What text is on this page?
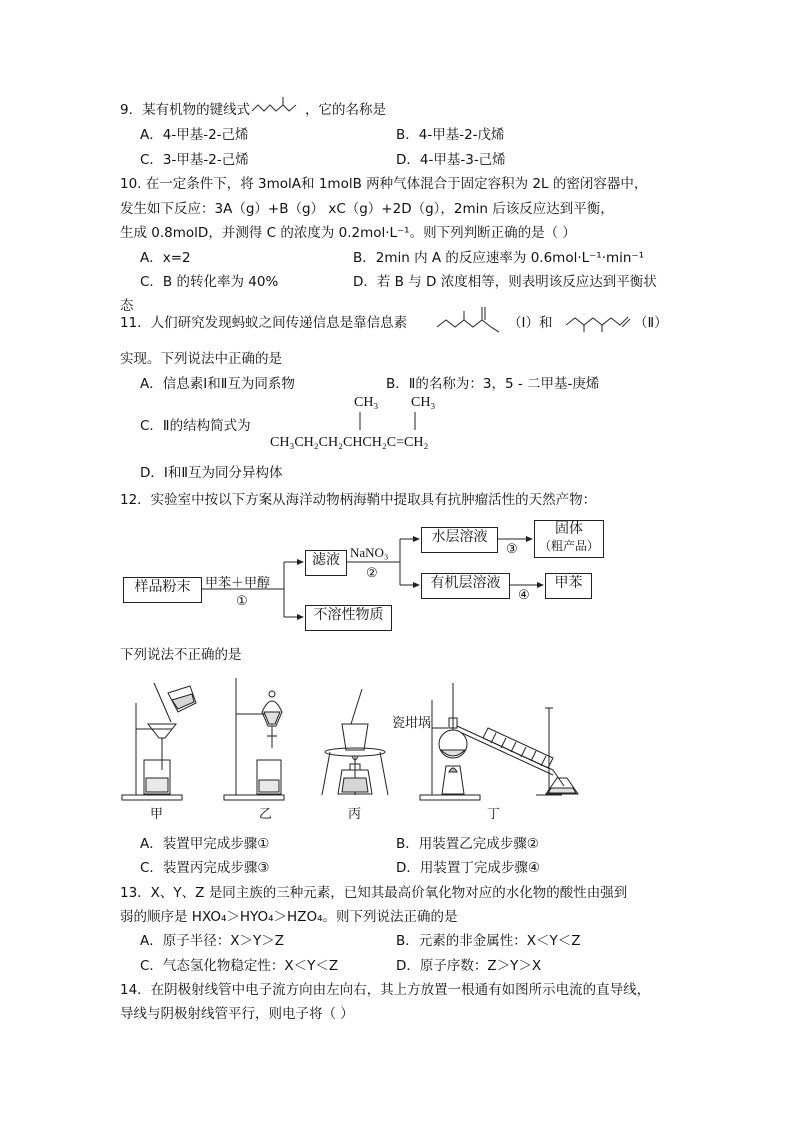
9．某有机物的键线式	，它的名称是
A．4-甲基-2-己烯	B．4-甲基-2-戊烯
C．3-甲基-2-己烯	D．4-甲基-3-己烯
10. 在一定条件下，将 3molA和 1molB 两种气体混合于固定容积为 2L 的密闭容器中，
发生如下反应：3A（g）+B（g） xC（g）+2D（g），2min 后该反应达到平衡，
生成 0.8molD，并测得 C 的浓度为 0.2mol·L⁻¹。则下列判断正确的是（ ）
A．x=2	B．2min 内 A 的反应速率为 0.6mol·L⁻¹·min⁻¹
C．B 的转化率为 40%	D．若 B 与 D 浓度相等，则表明该反应达到平衡状
态
11．人们研究发现蚂蚁之间传递信息是靠信息素	（Ⅰ）和	（Ⅱ）
实现。下列说法中正确的是
A．信息素Ⅰ和Ⅱ互为同系物	B．Ⅱ的名称为：3，5 - 二甲基-庚烯
C．Ⅱ的结构简式为
CH₃ CH₃
CH₃CH₂CH₂CHCH₂C=CH₂
D．Ⅰ和Ⅱ互为同分异构体
12．实验室中按以下方案从海洋动物柄海鞘中提取具有抗肿瘤活性的天然产物：
样品粉末	甲苯＋甲醇
①
滤液
NaNO₃
②
不溶性物质
水层溶液
③
固体
（粗产品）
有机层溶液
④
甲苯
下列说法不正确的是
瓷坩埚
甲	乙	丙	丁
A．装置甲完成步骤①	B．用装置乙完成步骤②
C．装置丙完成步骤③	D．用装置丁完成步骤④
13．X、Y、Z 是同主族的三种元素，已知其最高价氧化物对应的水化物的酸性由强到
弱的顺序是 HXO₄＞HYO₄＞HZO₄。则下列说法正确的是
A．原子半径：X＞Y＞Z	B．元素的非金属性：X＜Y＜Z
C．气态氢化物稳定性：X＜Y＜Z	D．原子序数：Z＞Y＞X
14．在阴极射线管中电子流方向由左向右，其上方放置一根通有如图所示电流的直导线，
导线与阴极射线管平行，则电子将（ ）
